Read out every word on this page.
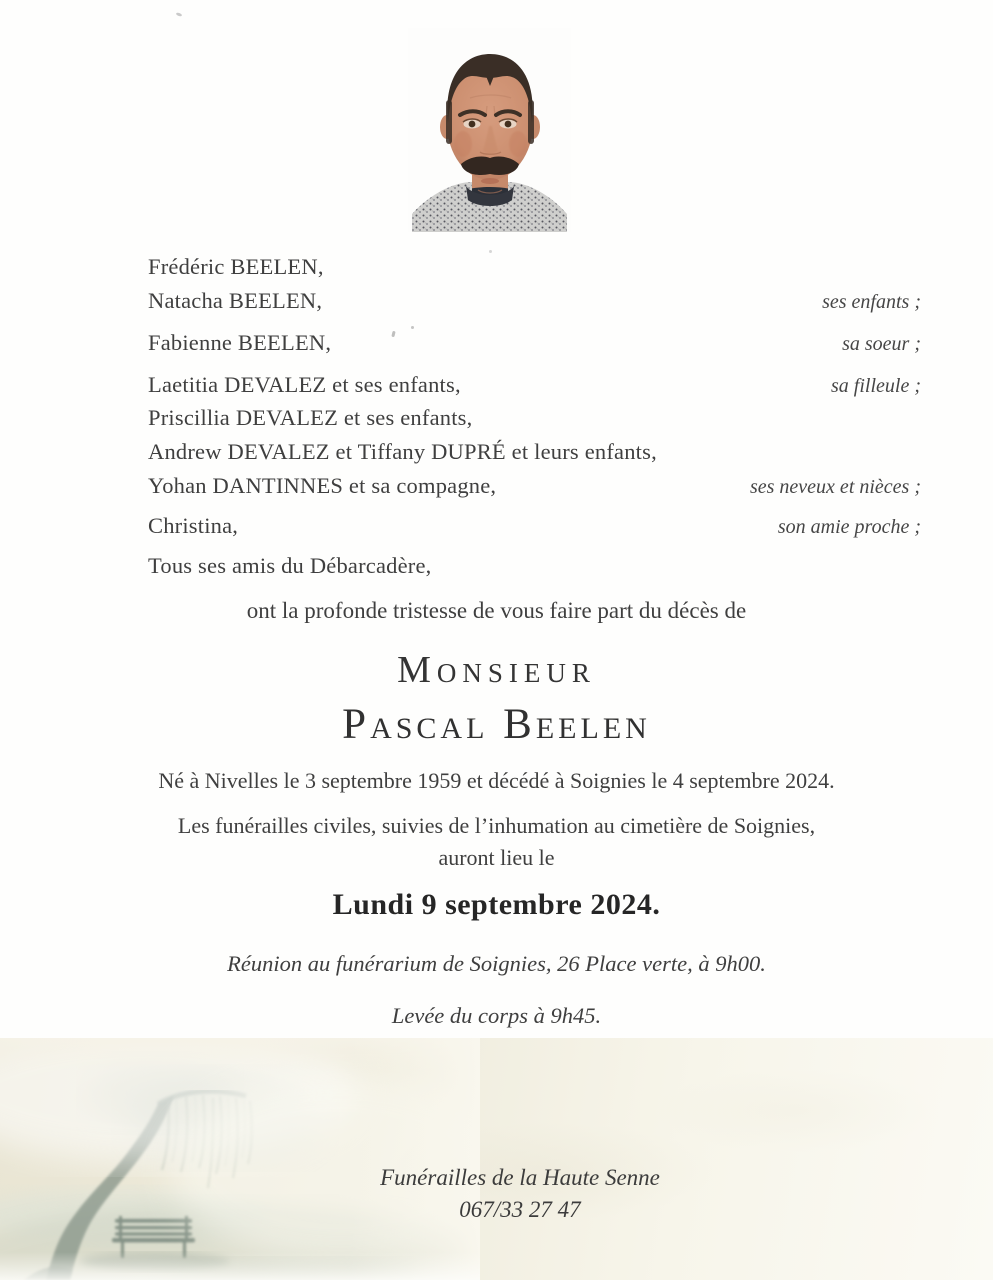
Frédéric BEELEN,
Natacha BEELEN,	ses enfants ;
Fabienne BEELEN,	sa soeur ;
Laetitia DEVALEZ et ses enfants,	sa filleule ;
Priscillia DEVALEZ et ses enfants,
Andrew DEVALEZ et Tiffany DUPRÉ et leurs enfants,
Yohan DANTINNES et sa compagne,	ses neveux et nièces ;
Christina,	son amie proche ;
Tous ses amis du Débarcadère,
ont la profonde tristesse de vous faire part du décès de
Monsieur
Pascal Beelen
Né à Nivelles le 3 septembre 1959 et décédé à Soignies le 4 septembre 2024.
Les funérailles civiles, suivies de l’inhumation au cimetière de Soignies,
auront lieu le
Lundi 9 septembre 2024.
Réunion au funérarium de Soignies, 26 Place verte, à 9h00.
Levée du corps à 9h45.
Funérailles de la Haute Senne
067/33 27 47
